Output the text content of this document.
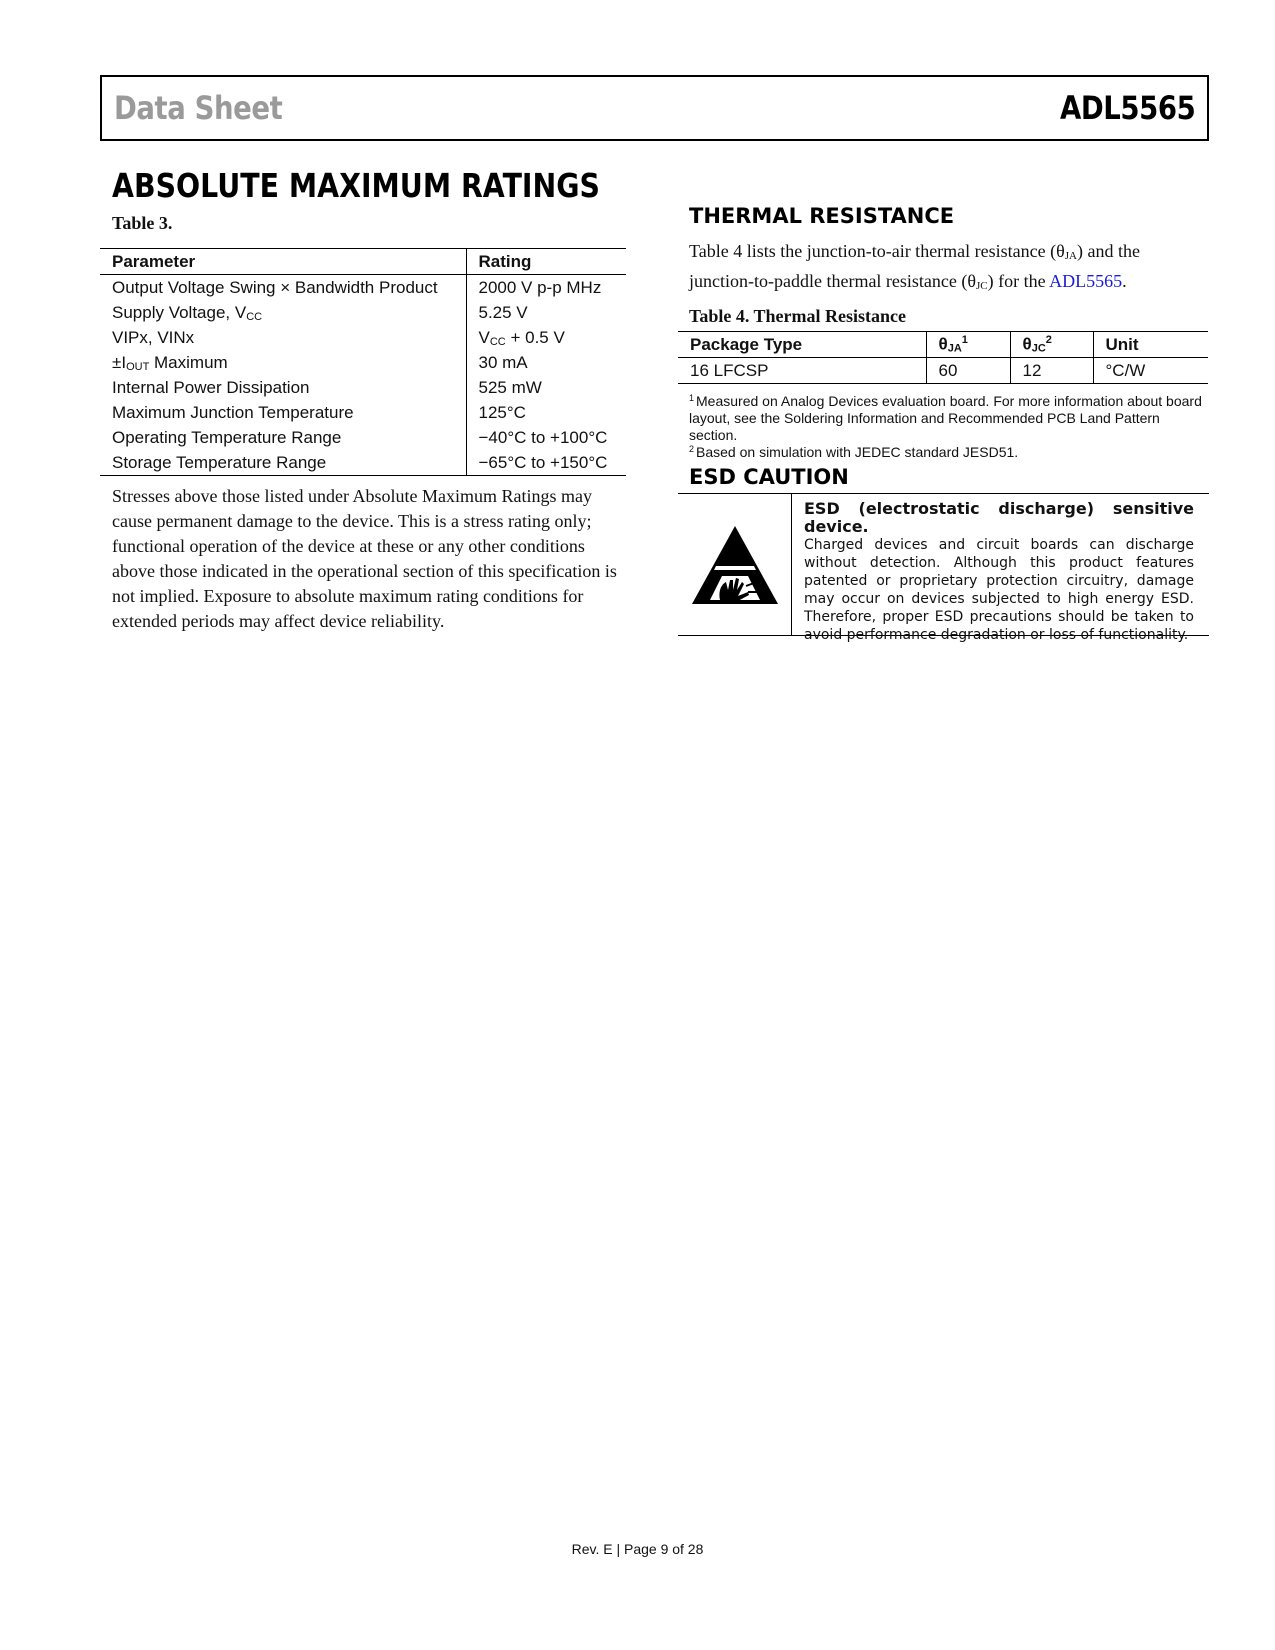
Data Sheet	ADL5565
ABSOLUTE MAXIMUM RATINGS
Table 3.
Parameter	Rating
Output Voltage Swing × Bandwidth Product	2000 V p-p MHz
Supply Voltage, $V_{CC}$	5.25 V
VIPx, VINx	$V_{CC} + 0.5$ V
$\pm I_{OUT}$ Maximum	30 mA
Internal Power Dissipation	525 mW
Maximum Junction Temperature	125°C
Operating Temperature Range	−40°C to +100°C
Storage Temperature Range	−65°C to +150°C
Stresses above those listed under Absolute Maximum Ratings may cause permanent damage to the device. This is a stress rating only; functional operation of the device at these or any other conditions above those indicated in the operational section of this specification is not implied. Exposure to absolute maximum rating conditions for extended periods may affect device reliability.
THERMAL RESISTANCE
Table 4 lists the junction-to-air thermal resistance $(\theta_{JA})$ and the junction-to-paddle thermal resistance $(\theta_{JC})$ for the ADL5565.
Table 4. Thermal Resistance
Package Type	$\theta_{JA}^1$	$\theta_{JC}^2$	Unit
16 LFCSP	60	12	°C/W
$^1$ Measured on Analog Devices evaluation board. For more information about board layout, see the Soldering Information and Recommended PCB Land Pattern section.
$^2$ Based on simulation with JEDEC standard JESD51.
ESD CAUTION
ESD (electrostatic discharge) sensitive device.
Charged devices and circuit boards can discharge without detection. Although this product features patented or proprietary protection circuitry, damage may occur on devices subjected to high energy ESD. Therefore, proper ESD precautions should be taken to avoid performance degradation or loss of functionality.
Rev. E | Page 9 of 28
